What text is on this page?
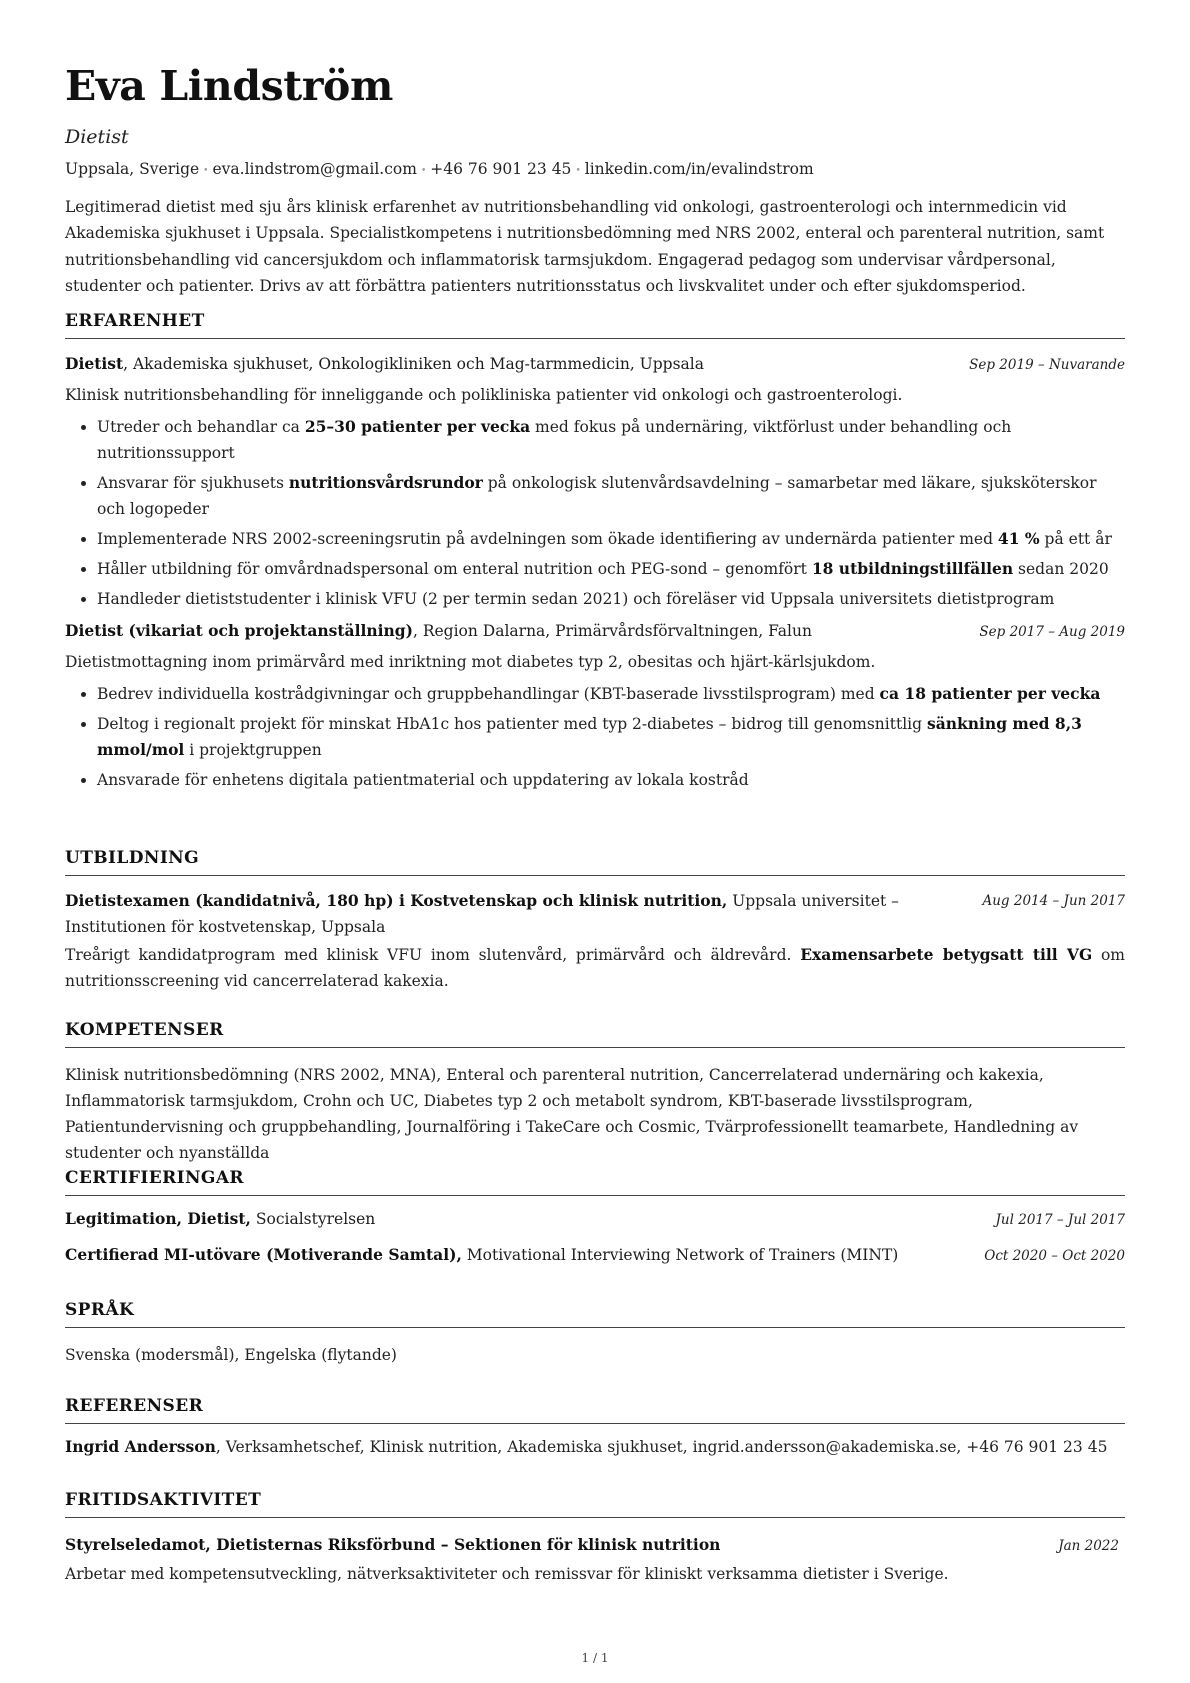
Eva Lindström
Dietist
Uppsala, Sverige • eva.lindstrom@gmail.com • +46 76 901 23 45 • linkedin.com/in/evalindstrom
Legitimerad dietist med sju års klinisk erfarenhet av nutritionsbehandling vid onkologi, gastroenterologi och internmedicin vid Akademiska sjukhuset i Uppsala. Specialistkompetens i nutritionsbedömning med NRS 2002, enteral och parenteral nutrition, samt nutritionsbehandling vid cancersjukdom och inflammatorisk tarmsjukdom. Engagerad pedagog som undervisar vårdpersonal, studenter och patienter. Drivs av att förbättra patienters nutritionsstatus och livskvalitet under och efter sjukdomsperiod.
ERFARENHET
Dietist, Akademiska sjukhuset, Onkologikliniken och Mag-tarmmedicin, Uppsala	Sep 2019 – Nuvarande
Klinisk nutritionsbehandling för inneliggande och polikliniska patienter vid onkologi och gastroenterologi.
• Utreder och behandlar ca 25–30 patienter per vecka med fokus på undernäring, viktförlust under behandling och nutritionssupport
• Ansvarar för sjukhusets nutritionsvårdsrundor på onkologisk slutenvårdsavdelning – samarbetar med läkare, sjuksköterskor och logopeder
• Implementerade NRS 2002-screeningsrutin på avdelningen som ökade identifiering av undernärda patienter med 41 % på ett år
• Håller utbildning för omvårdnadspersonal om enteral nutrition och PEG-sond – genomfört 18 utbildningstillfällen sedan 2020
• Handleder dietiststudenter i klinisk VFU (2 per termin sedan 2021) och föreläser vid Uppsala universitets dietistprogram
Dietist (vikariat och projektanställning), Region Dalarna, Primärvårdsförvaltningen, Falun	Sep 2017 – Aug 2019
Dietistmottagning inom primärvård med inriktning mot diabetes typ 2, obesitas och hjärt-kärlsjukdom.
• Bedrev individuella kostrådgivningar och gruppbehandlingar (KBT-baserade livsstilsprogram) med ca 18 patienter per vecka
• Deltog i regionalt projekt för minskat HbA1c hos patienter med typ 2-diabetes – bidrog till genomsnittlig sänkning med 8,3 mmol/mol i projektgruppen
• Ansvarade för enhetens digitala patientmaterial och uppdatering av lokala kostråd
UTBILDNING
Dietistexamen (kandidatnivå, 180 hp) i Kostvetenskap och klinisk nutrition, Uppsala universitet – Institutionen för kostvetenskap, Uppsala
Aug 2014 – Jun 2017
Treårigt kandidatprogram med klinisk VFU inom slutenvård, primärvård och äldrevård. Examensarbete betygsatt till VG om nutritionsscreening vid cancerrelaterad kakexia.
KOMPETENSER
Klinisk nutritionsbedömning (NRS 2002, MNA), Enteral och parenteral nutrition, Cancerrelaterad undernäring och kakexia, Inflammatorisk tarmsjukdom, Crohn och UC, Diabetes typ 2 och metabolt syndrom, KBT-baserade livsstilsprogram, Patientundervisning och gruppbehandling, Journalföring i TakeCare och Cosmic, Tvärprofessionellt teamarbete, Handledning av studenter och nyanställda
CERTIFIERINGAR
Legitimation, Dietist, Socialstyrelsen	Jul 2017 – Jul 2017
Certifierad MI-utövare (Motiverande Samtal), Motivational Interviewing Network of Trainers (MINT)	Oct 2020 – Oct 2020
SPRÅK
Svenska (modersmål), Engelska (flytande)
REFERENSER
Ingrid Andersson, Verksamhetschef, Klinisk nutrition, Akademiska sjukhuset, ingrid.andersson@akademiska.se, +46 76 901 23 45
FRITIDSAKTIVITET
Styrelseledamot, Dietisternas Riksförbund – Sektionen för klinisk nutrition	Jan 2022
Arbetar med kompetensutveckling, nätverksaktiviteter och remissvar för kliniskt verksamma dietister i Sverige.
1 / 1
